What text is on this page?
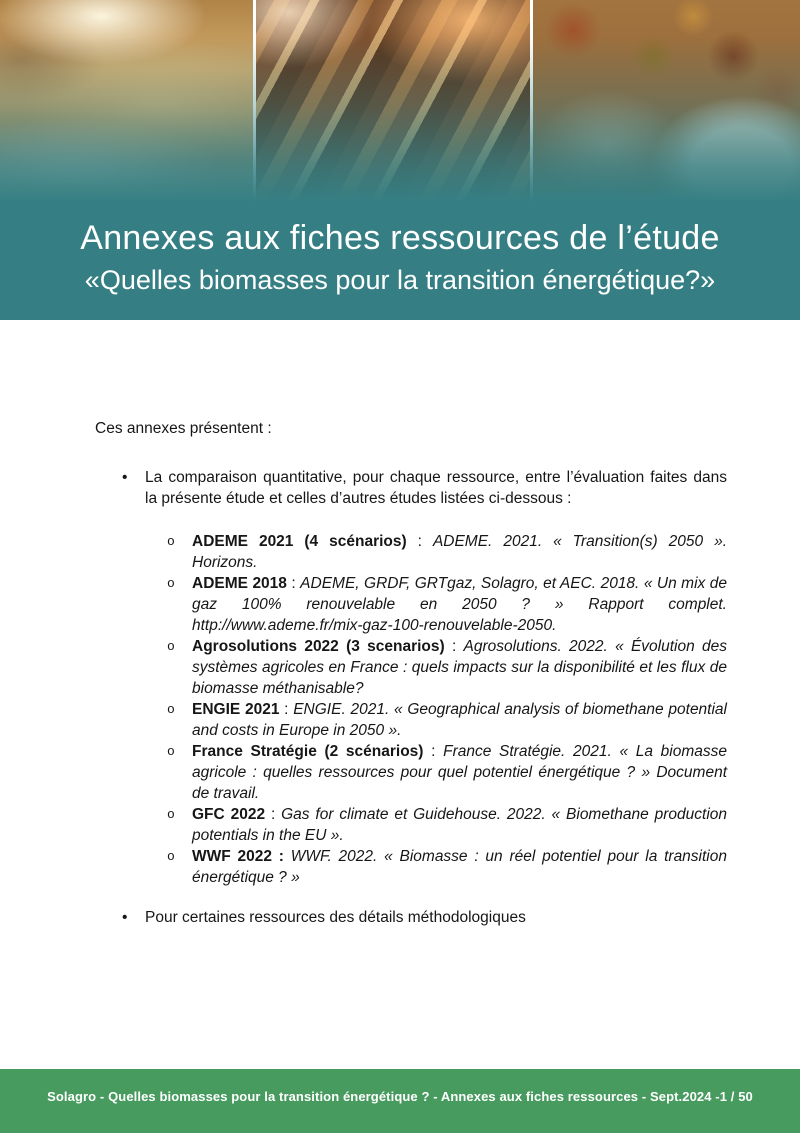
Annexes aux fiches ressources de l’étude
«Quelles biomasses pour la transition énergétique?»
Ces annexes présentent :
• La comparaison quantitative, pour chaque ressource, entre l’évaluation faites dans la présente étude et celles d’autres études listées ci-dessous :
o ADEME 2021 (4 scénarios) : ADEME. 2021. « Transition(s) 2050 ». Horizons.
o ADEME 2018 : ADEME, GRDF, GRTgaz, Solagro, et AEC. 2018. « Un mix de gaz 100% renouvelable en 2050 ? » Rapport complet. http://www.ademe.fr/mix-gaz-100-renouvelable-2050.
o Agrosolutions 2022 (3 scenarios) : Agrosolutions. 2022. « Évolution des systèmes agricoles en France : quels impacts sur la disponibilité et les flux de biomasse méthanisable?
o ENGIE 2021 : ENGIE. 2021. « Geographical analysis of biomethane potential and costs in Europe in 2050 ».
o France Stratégie (2 scénarios) : France Stratégie. 2021. « La biomasse agricole : quelles ressources pour quel potentiel énergétique ? » Document de travail.
o GFC 2022 : Gas for climate et Guidehouse. 2022. « Biomethane production potentials in the EU ».
o WWF 2022 : WWF. 2022. « Biomasse : un réel potentiel pour la transition énergétique ? »
• Pour certaines ressources des détails méthodologiques
Solagro - Quelles biomasses pour la transition énergétique ? - Annexes aux fiches ressources - Sept.2024 -1 / 50
